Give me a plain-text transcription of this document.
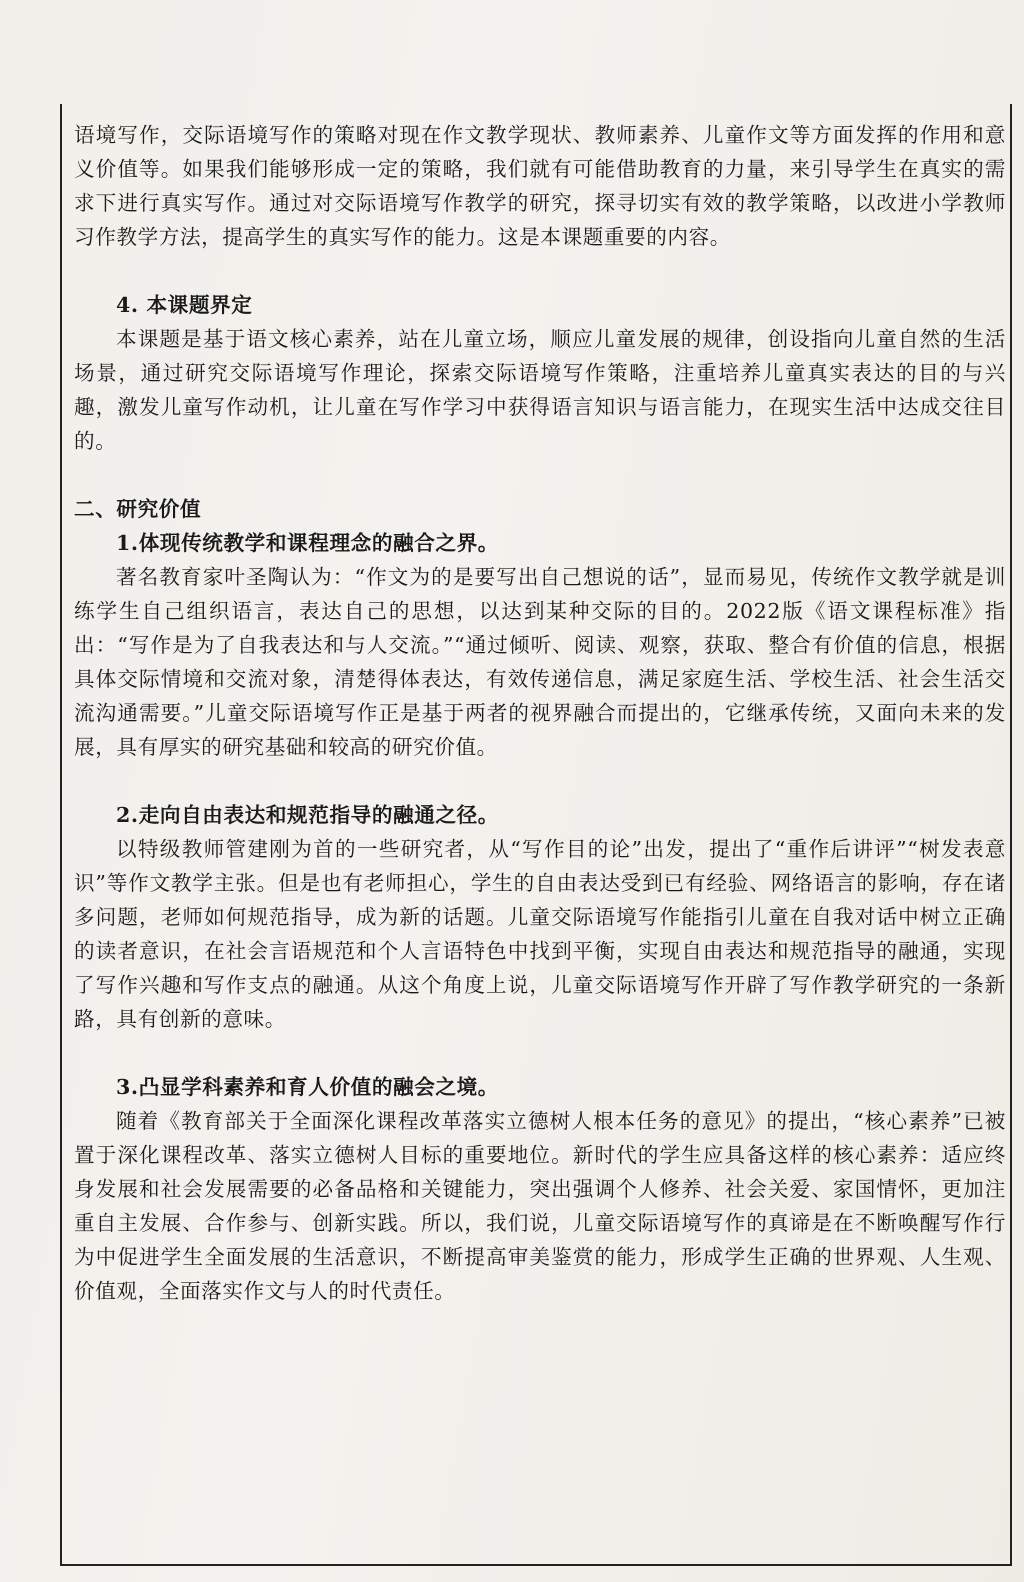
语境写作，交际语境写作的策略对现在作文教学现状、教师素养、儿童作文等方面发挥的作用和意义价值等。如果我们能够形成一定的策略，我们就有可能借助教育的力量，来引导学生在真实的需求下进行真实写作。通过对交际语境写作教学的研究，探寻切实有效的教学策略，以改进小学教师习作教学方法，提高学生的真实写作的能力。这是本课题重要的内容。

4. 本课题界定

本课题是基于语文核心素养，站在儿童立场，顺应儿童发展的规律，创设指向儿童自然的生活场景，通过研究交际语境写作理论，探索交际语境写作策略，注重培养儿童真实表达的目的与兴趣，激发儿童写作动机，让儿童在写作学习中获得语言知识与语言能力，在现实生活中达成交往目的。

二、研究价值

1.体现传统教学和课程理念的融合之界。

著名教育家叶圣陶认为：“作文为的是要写出自己想说的话”，显而易见，传统作文教学就是训练学生自己组织语言，表达自己的思想，以达到某种交际的目的。2022版《语文课程标准》指出：“写作是为了自我表达和与人交流。”“通过倾听、阅读、观察，获取、整合有价值的信息，根据具体交际情境和交流对象，清楚得体表达，有效传递信息，满足家庭生活、学校生活、社会生活交流沟通需要。”儿童交际语境写作正是基于两者的视界融合而提出的，它继承传统，又面向未来的发展，具有厚实的研究基础和较高的研究价值。

2.走向自由表达和规范指导的融通之径。

以特级教师管建刚为首的一些研究者，从“写作目的论”出发，提出了“重作后讲评”“树发表意识”等作文教学主张。但是也有老师担心，学生的自由表达受到已有经验、网络语言的影响，存在诸多问题，老师如何规范指导，成为新的话题。儿童交际语境写作能指引儿童在自我对话中树立正确的读者意识，在社会言语规范和个人言语特色中找到平衡，实现自由表达和规范指导的融通，实现了写作兴趣和写作支点的融通。从这个角度上说，儿童交际语境写作开辟了写作教学研究的一条新路，具有创新的意味。

3.凸显学科素养和育人价值的融会之境。

随着《教育部关于全面深化课程改革落实立德树人根本任务的意见》的提出，“核心素养”已被置于深化课程改革、落实立德树人目标的重要地位。新时代的学生应具备这样的核心素养：适应终身发展和社会发展需要的必备品格和关键能力，突出强调个人修养、社会关爱、家国情怀，更加注重自主发展、合作参与、创新实践。所以，我们说，儿童交际语境写作的真谛是在不断唤醒写作行为中促进学生全面发展的生活意识，不断提高审美鉴赏的能力，形成学生正确的世界观、人生观、价值观，全面落实作文与人的时代责任。
